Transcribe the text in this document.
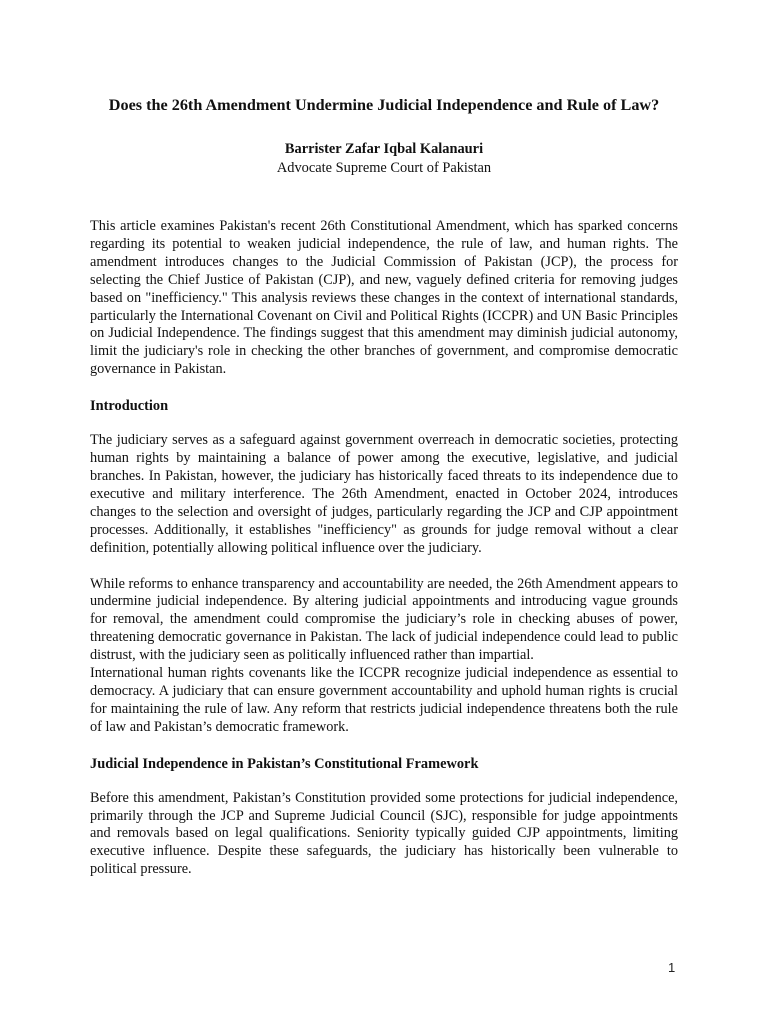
Does the 26th Amendment Undermine Judicial Independence and Rule of Law?
Barrister Zafar Iqbal Kalanauri
Advocate Supreme Court of Pakistan

This article examines Pakistan's recent 26th Constitutional Amendment, which has sparked concerns regarding its potential to weaken judicial independence, the rule of law, and human rights. The amendment introduces changes to the Judicial Commission of Pakistan (JCP), the process for selecting the Chief Justice of Pakistan (CJP), and new, vaguely defined criteria for removing judges based on "inefficiency." This analysis reviews these changes in the context of international standards, particularly the International Covenant on Civil and Political Rights (ICCPR) and UN Basic Principles on Judicial Independence. The findings suggest that this amendment may diminish judicial autonomy, limit the judiciary's role in checking the other branches of government, and compromise democratic governance in Pakistan.

Introduction

The judiciary serves as a safeguard against government overreach in democratic societies, protecting human rights by maintaining a balance of power among the executive, legislative, and judicial branches. In Pakistan, however, the judiciary has historically faced threats to its independence due to executive and military interference. The 26th Amendment, enacted in October 2024, introduces changes to the selection and oversight of judges, particularly regarding the JCP and CJP appointment processes. Additionally, it establishes "inefficiency" as grounds for judge removal without a clear definition, potentially allowing political influence over the judiciary.

While reforms to enhance transparency and accountability are needed, the 26th Amendment appears to undermine judicial independence. By altering judicial appointments and introducing vague grounds for removal, the amendment could compromise the judiciary’s role in checking abuses of power, threatening democratic governance in Pakistan. The lack of judicial independence could lead to public distrust, with the judiciary seen as politically influenced rather than impartial.

International human rights covenants like the ICCPR recognize judicial independence as essential to democracy. A judiciary that can ensure government accountability and uphold human rights is crucial for maintaining the rule of law. Any reform that restricts judicial independence threatens both the rule of law and Pakistan’s democratic framework.

Judicial Independence in Pakistan’s Constitutional Framework

Before this amendment, Pakistan’s Constitution provided some protections for judicial independence, primarily through the JCP and Supreme Judicial Council (SJC), responsible for judge appointments and removals based on legal qualifications. Seniority typically guided CJP appointments, limiting executive influence. Despite these safeguards, the judiciary has historically been vulnerable to political pressure.

1
